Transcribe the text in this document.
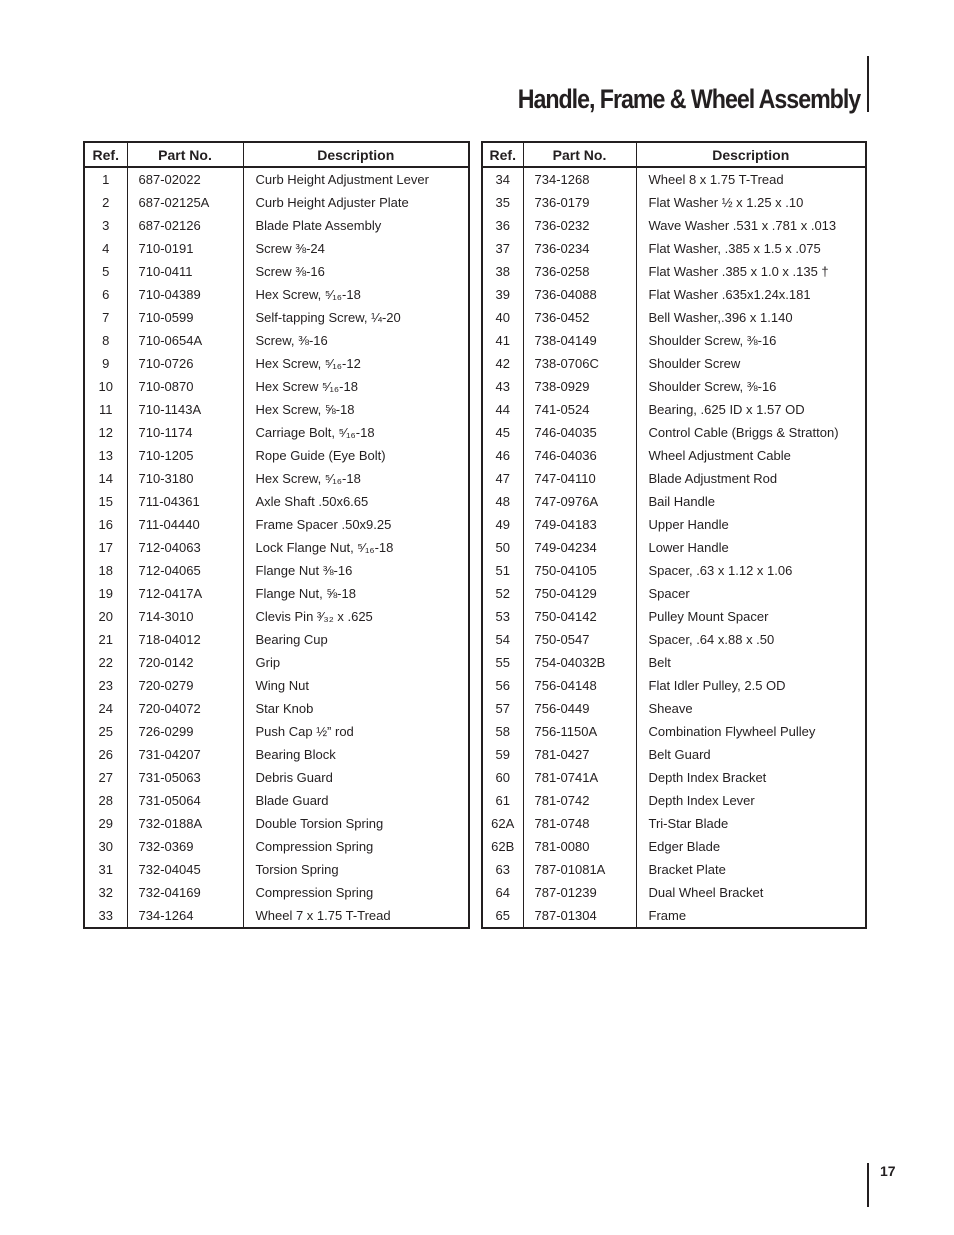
Handle, Frame & Wheel Assembly
Ref.	Part No.	Description
1	687-02022	Curb Height Adjustment Lever
2	687-02125A	Curb Height Adjuster Plate
3	687-02126	Blade Plate Assembly
4	710-0191	Screw ⅜-24
5	710-0411	Screw ⅜-16
6	710-04389	Hex Screw, ⁵⁄₁₆-18
7	710-0599	Self-tapping Screw, ¼-20
8	710-0654A	Screw, ⅜-16
9	710-0726	Hex Screw, ⁵⁄₁₆-12
10	710-0870	Hex Screw ⁵⁄₁₆-18
11	710-1143A	Hex Screw, ⅝-18
12	710-1174	Carriage Bolt, ⁵⁄₁₆-18
13	710-1205	Rope Guide (Eye Bolt)
14	710-3180	Hex Screw, ⁵⁄₁₆-18
15	711-04361	Axle Shaft .50x6.65
16	711-04440	Frame Spacer .50x9.25
17	712-04063	Lock Flange Nut, ⁵⁄₁₆-18
18	712-04065	Flange Nut ⅜-16
19	712-0417A	Flange Nut, ⅝-18
20	714-3010	Clevis Pin ³⁄₃₂ x .625
21	718-04012	Bearing Cup
22	720-0142	Grip
23	720-0279	Wing Nut
24	720-04072	Star Knob
25	726-0299	Push Cap ½” rod
26	731-04207	Bearing Block
27	731-05063	Debris Guard
28	731-05064	Blade Guard
29	732-0188A	Double Torsion Spring
30	732-0369	Compression Spring
31	732-04045	Torsion Spring
32	732-04169	Compression Spring
33	734-1264	Wheel 7 x 1.75 T-Tread
Ref.	Part No.	Description
34	734-1268	Wheel 8 x 1.75 T-Tread
35	736-0179	Flat Washer ½ x 1.25 x .10
36	736-0232	Wave Washer .531 x .781 x .013
37	736-0234	Flat Washer, .385 x 1.5 x .075
38	736-0258	Flat Washer .385 x 1.0 x .135 †
39	736-04088	Flat Washer .635x1.24x.181
40	736-0452	Bell Washer,.396 x 1.140
41	738-04149	Shoulder Screw, ⅜-16
42	738-0706C	Shoulder Screw
43	738-0929	Shoulder Screw, ⅜-16
44	741-0524	Bearing, .625 ID x 1.57 OD
45	746-04035	Control Cable (Briggs & Stratton)
46	746-04036	Wheel Adjustment Cable
47	747-04110	Blade Adjustment Rod
48	747-0976A	Bail Handle
49	749-04183	Upper Handle
50	749-04234	Lower Handle
51	750-04105	Spacer, .63 x 1.12 x 1.06
52	750-04129	Spacer
53	750-04142	Pulley Mount Spacer
54	750-0547	Spacer, .64 x.88 x .50
55	754-04032B	Belt
56	756-04148	Flat Idler Pulley, 2.5 OD
57	756-0449	Sheave
58	756-1150A	Combination Flywheel Pulley
59	781-0427	Belt Guard
60	781-0741A	Depth Index Bracket
61	781-0742	Depth Index Lever
62A	781-0748	Tri-Star Blade
62B	781-0080	Edger Blade
63	787-01081A	Bracket Plate
64	787-01239	Dual Wheel Bracket
65	787-01304	Frame
17
